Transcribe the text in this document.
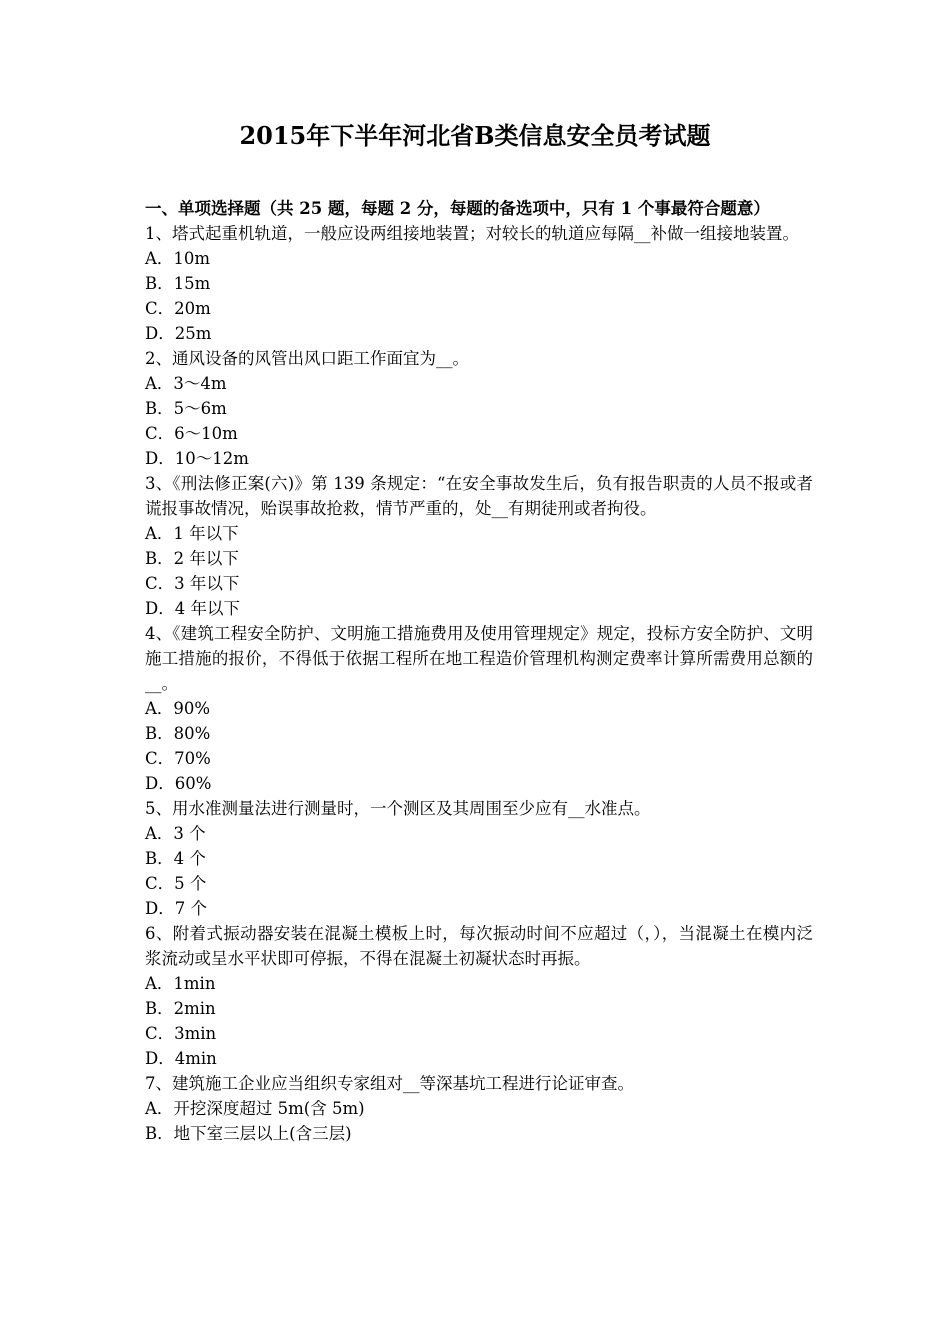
2015年下半年河北省B类信息安全员考试题

一、单项选择题（共 25 题，每题 2 分，每题的备选项中，只有 1 个事最符合题意）

1、塔式起重机轨道，一般应设两组接地装置；对较长的轨道应每隔__补做一组接地装置。

A．10m

B．15m

C．20m

D．25m

2、通风设备的风管出风口距工作面宜为__。

A．3～4m

B．5～6m

C．6～10m

D．10～12m

3、《刑法修正案(六)》第 139 条规定：“在安全事故发生后，负有报告职责的人员不报或者谎报事故情况，贻误事故抢救，情节严重的，处__有期徒刑或者拘役。

A．1 年以下

B．2 年以下

C．3 年以下

D．4 年以下

4、《建筑工程安全防护、文明施工措施费用及使用管理规定》规定，投标方安全防护、文明施工措施的报价，不得低于依据工程所在地工程造价管理机构测定费率计算所需费用总额的__。

A．90%

B．80%

C．70%

D．60%

5、用水准测量法进行测量时，一个测区及其周围至少应有__水准点。

A．3 个

B．4 个

C．5 个

D．7 个

6、附着式振动器安装在混凝土模板上时，每次振动时间不应超过（，），当混凝土在模内泛浆流动或呈水平状即可停振，不得在混凝土初凝状态时再振。

A．1min

B．2min

C．3min

D．4min

7、建筑施工企业应当组织专家组对__等深基坑工程进行论证审查。

A．开挖深度超过 5m(含 5m)

B．地下室三层以上(含三层)
